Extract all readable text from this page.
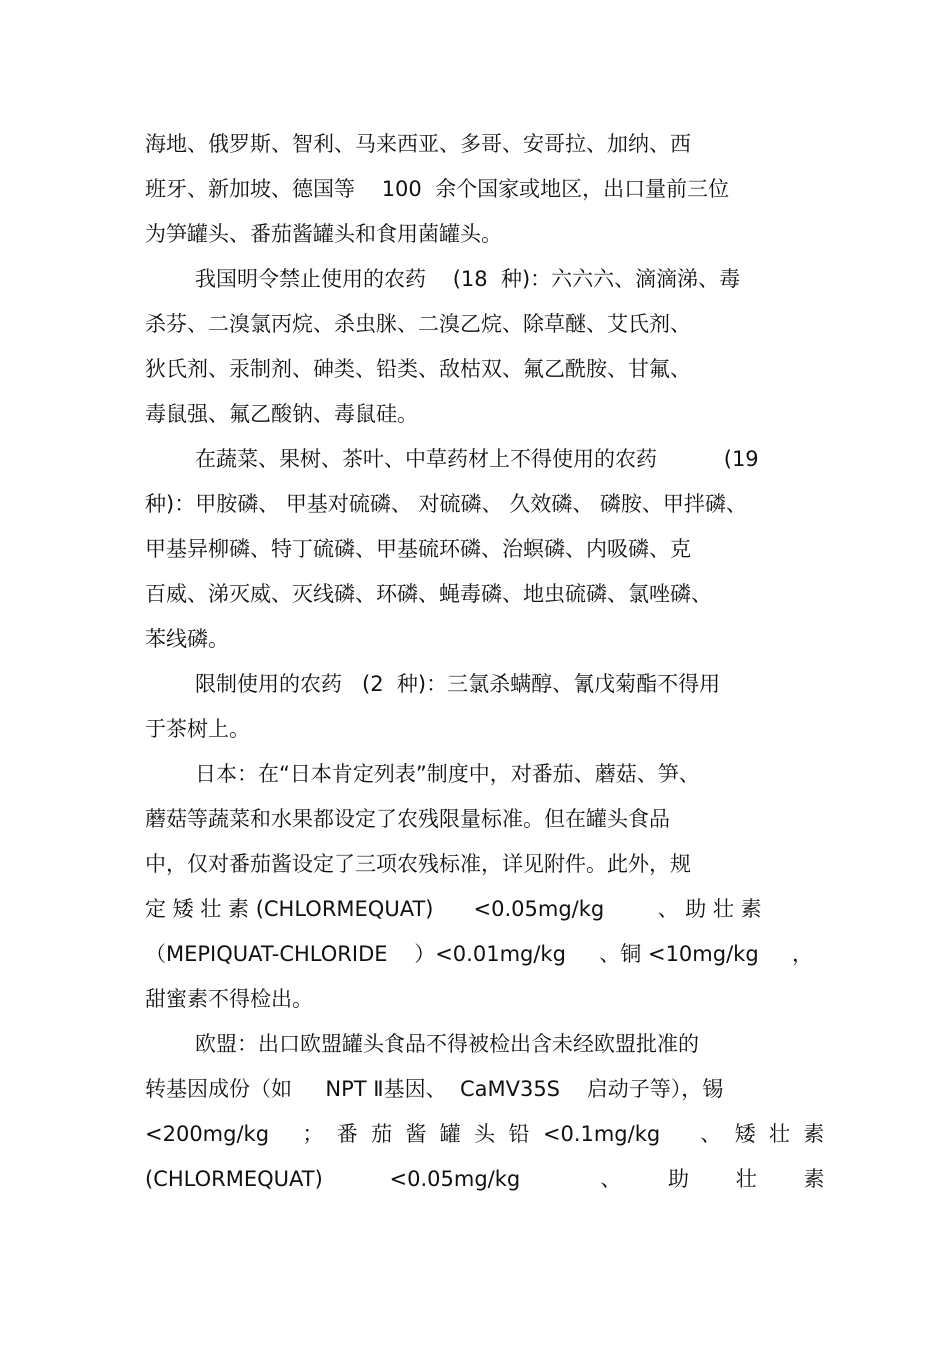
海地、俄罗斯、智利、马来西亚、多哥、安哥拉、加纳、西
班牙、新加坡、德国等    100  余个国家或地区，出口量前三位
为笋罐头、番茄酱罐头和食用菌罐头。
我国明令禁止使用的农药    (18  种)：六六六、滴滴涕、毒
杀芬、二溴氯丙烷、杀虫脒、二溴乙烷、除草醚、艾氏剂、
狄氏剂、汞制剂、砷类、铅类、敌枯双、氟乙酰胺、甘氟、
毒鼠强、氟乙酸钠、毒鼠硅。
在蔬菜、果树、茶叶、中草药材上不得使用的农药          (19
种)：甲胺磷、 甲基对硫磷、 对硫磷、 久效磷、 磷胺、甲拌磷、
甲基异柳磷、特丁硫磷、甲基硫环磷、治螟磷、内吸磷、克
百威、涕灭威、灭线磷、环磷、蝇毒磷、地虫硫磷、氯唑磷、
苯线磷。
限制使用的农药   (2  种)：三氯杀螨醇、氰戊菊酯不得用
于茶树上。
日本：在“日本肯定列表”制度中，对番茄、蘑菇、笋、
蘑菇等蔬菜和水果都设定了农残限量标准。但在罐头食品
中，仅对番茄酱设定了三项农残标准，详见附件。此外，规
定 矮 壮 素 (CHLORMEQUAT)      <0.05mg/kg        、 助 壮 素
（MEPIQUAT-CHLORIDE    ）<0.01mg/kg     、铜 <10mg/kg     ，
甜蜜素不得检出。
欧盟：出口欧盟罐头食品不得被检出含未经欧盟批准的
转基因成份（如     NPT Ⅱ基因、  CaMV35S    启动子等），锡
<200mg/kg     ；  番  茄  酱  罐  头  铅  <0.1mg/kg      、  矮  壮  素
(CHLORMEQUAT)          <0.05mg/kg            、       助       壮       素
